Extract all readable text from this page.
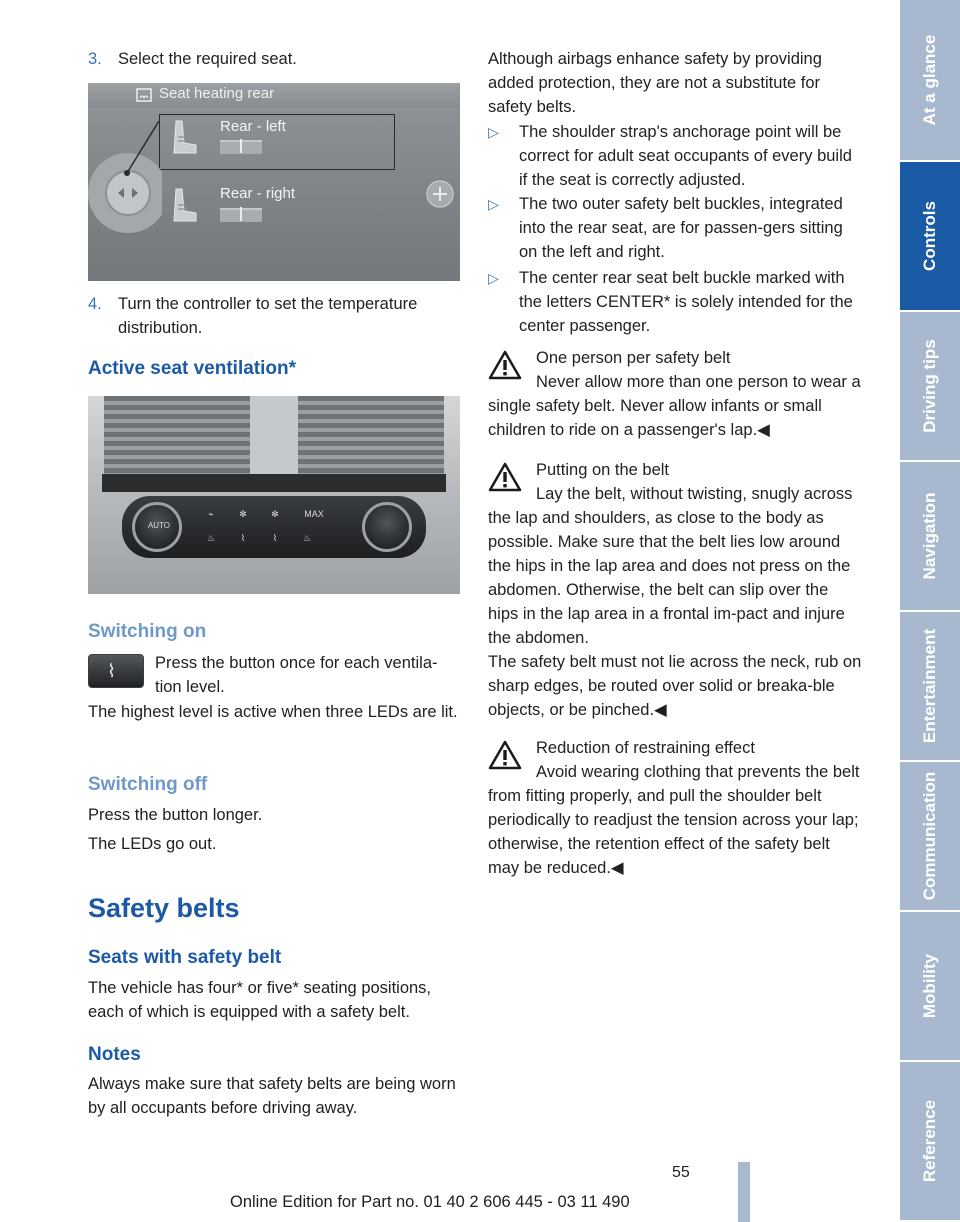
3. Select the required seat.
Seat heating rear
Rear - left
Rear - right
4. Turn the controller to set the temperature distribution.
Active seat ventilation*
AUTO
⌁	✻	✼	MAX
♨	⌇	⌇	♨
Switching on
⌇ Press the button once for each ventila-tion level.
The highest level is active when three LEDs are lit.
Switching off
Press the button longer.
The LEDs go out.
Safety belts
Seats with safety belt
The vehicle has four* or five* seating positions, each of which is equipped with a safety belt.
Notes
Always make sure that safety belts are being worn by all occupants before driving away.
Although airbags enhance safety by providing added protection, they are not a substitute for safety belts.
▷	The shoulder strap's anchorage point will be correct for adult seat occupants of every build if the seat is correctly adjusted.
▷	The two outer safety belt buckles, integrated into the rear seat, are for passen-gers sitting on the left and right.
▷	The center rear seat belt buckle marked with the letters CENTER* is solely intended for the center passenger.
One person per safety belt
Never allow more than one person to wear a single safety belt. Never allow infants or small children to ride on a passenger's lap.◀
Putting on the belt
Lay the belt, without twisting, snugly across the lap and shoulders, as close to the body as possible. Make sure that the belt lies low around the hips in the lap area and does not press on the abdomen. Otherwise, the belt can slip over the hips in the lap area in a frontal im-pact and injure the abdomen.
The safety belt must not lie across the neck, rub on sharp edges, be routed over solid or breaka-ble objects, or be pinched.◀
Reduction of restraining effect
Avoid wearing clothing that prevents the belt from fitting properly, and pull the shoulder belt periodically to readjust the tension across your lap; otherwise, the retention effect of the safety belt may be reduced.◀
At a glance
Controls
Driving tips
Navigation
Entertainment
Communication
Mobility
Reference
55
Online Edition for Part no. 01 40 2 606 445 - 03 11 490
